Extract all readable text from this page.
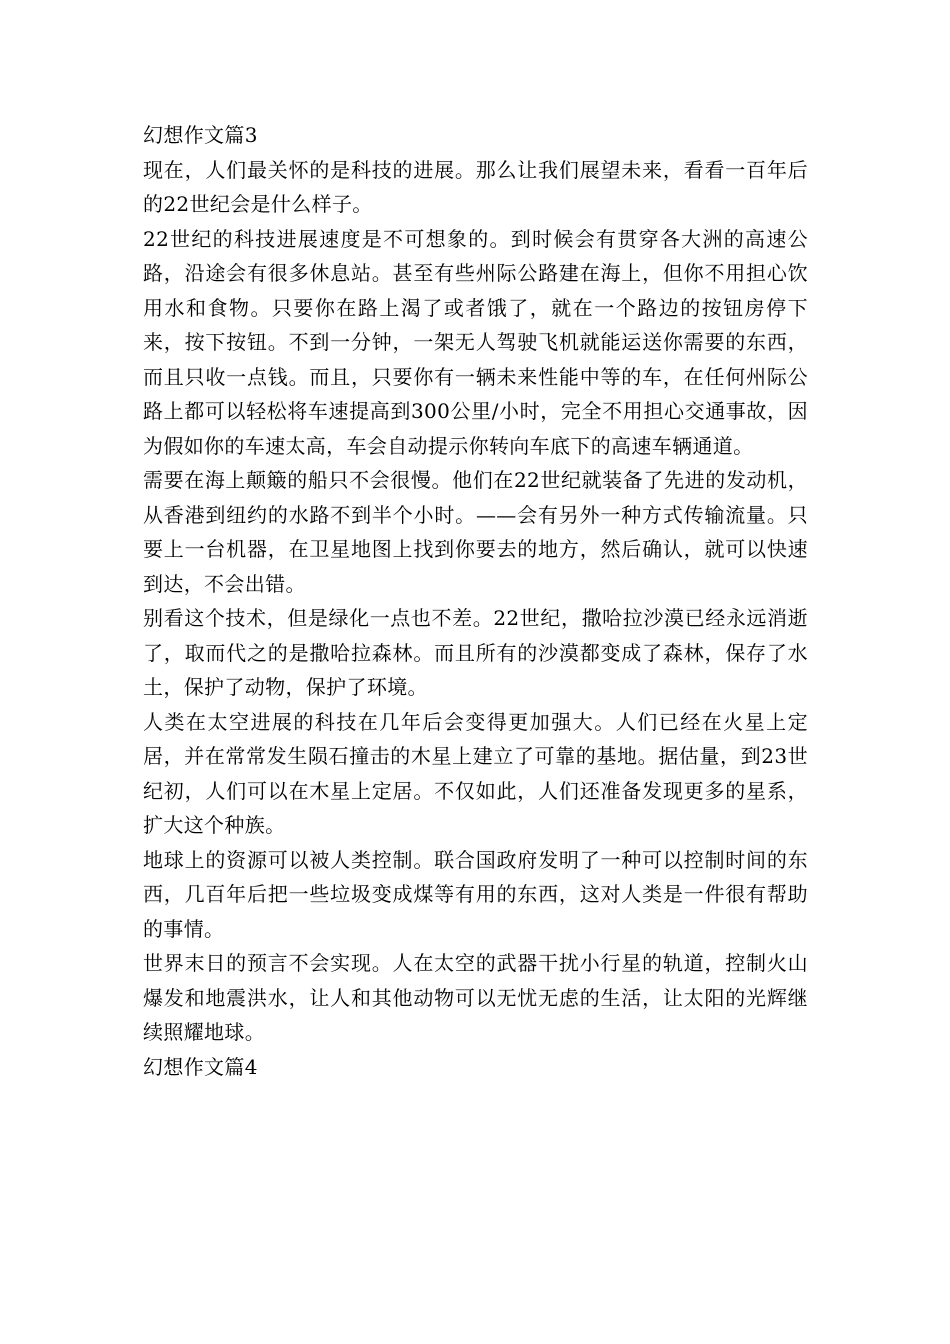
幻想作文篇3

现在，人们最关怀的是科技的进展。那么让我们展望未来，看看一百年后的22世纪会是什么样子。

22世纪的科技进展速度是不可想象的。到时候会有贯穿各大洲的高速公路，沿途会有很多休息站。甚至有些州际公路建在海上，但你不用担心饮用水和食物。只要你在路上渴了或者饿了，就在一个路边的按钮房停下来，按下按钮。不到一分钟，一架无人驾驶飞机就能运送你需要的东西，而且只收一点钱。而且，只要你有一辆未来性能中等的车，在任何州际公路上都可以轻松将车速提高到300公里/小时，完全不用担心交通事故，因为假如你的车速太高，车会自动提示你转向车底下的高速车辆通道。

需要在海上颠簸的船只不会很慢。他们在22世纪就装备了先进的发动机，从香港到纽约的水路不到半个小时。——会有另外一种方式传输流量。只要上一台机器，在卫星地图上找到你要去的地方，然后确认，就可以快速到达，不会出错。

别看这个技术，但是绿化一点也不差。22世纪，撒哈拉沙漠已经永远消逝了，取而代之的是撒哈拉森林。而且所有的沙漠都变成了森林，保存了水土，保护了动物，保护了环境。

人类在太空进展的科技在几年后会变得更加强大。人们已经在火星上定居，并在常常发生陨石撞击的木星上建立了可靠的基地。据估量，到23世纪初，人们可以在木星上定居。不仅如此，人们还准备发现更多的星系，扩大这个种族。

地球上的资源可以被人类控制。联合国政府发明了一种可以控制时间的东西，几百年后把一些垃圾变成煤等有用的东西，这对人类是一件很有帮助的事情。

世界末日的预言不会实现。人在太空的武器干扰小行星的轨道，控制火山爆发和地震洪水，让人和其他动物可以无忧无虑的生活，让太阳的光辉继续照耀地球。

幻想作文篇4
